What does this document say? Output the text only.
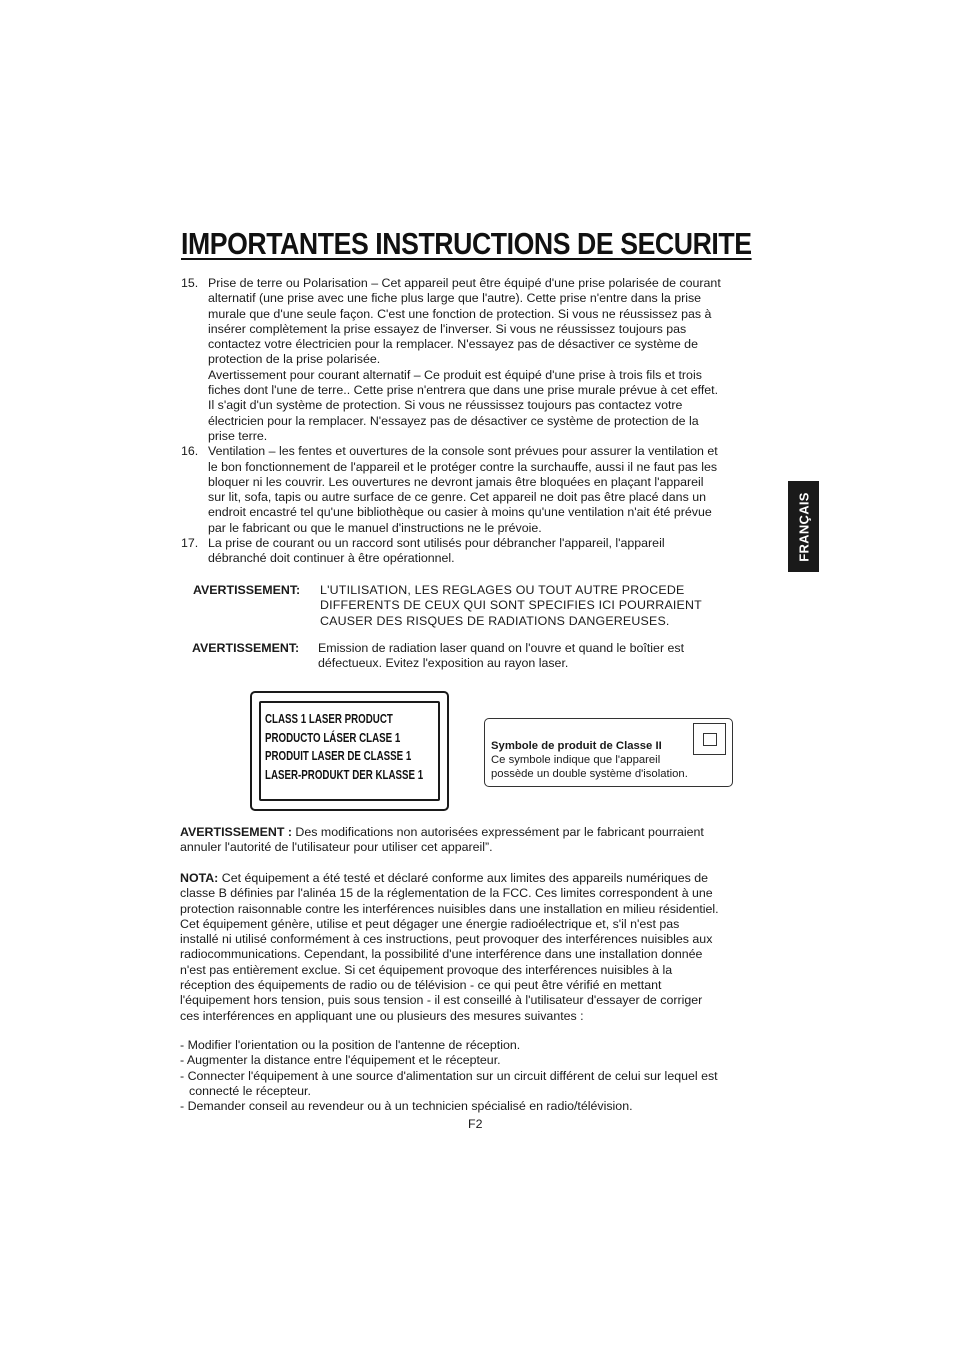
IMPORTANTES INSTRUCTIONS DE SECURITE
15. Prise de terre ou Polarisation – Cet appareil peut être équipé d'une prise polarisée de courant
alternatif (une prise avec une fiche plus large que l'autre). Cette prise n'entre dans la prise
murale que d'une seule façon. C'est une fonction de protection. Si vous ne réussissez pas à
insérer complètement la prise essayez de l'inverser. Si vous ne réussissez toujours pas
contactez votre électricien pour la remplacer. N'essayez pas de désactiver ce système de
protection de la prise polarisée.
Avertissement pour courant alternatif – Ce produit est équipé d'une prise à trois fils et trois
fiches dont l'une de terre.. Cette prise n'entrera que dans une prise murale prévue à cet effet.
Il s'agit d'un système de protection. Si vous ne réussissez toujours pas contactez votre
électricien pour la remplacer. N'essayez pas de désactiver ce système de protection de la
prise terre.
16. Ventilation – les fentes et ouvertures de la console sont prévues pour assurer la ventilation et
le bon fonctionnement de l'appareil et le protéger contre la surchauffe, aussi il ne faut pas les
bloquer ni les couvrir. Les ouvertures ne devront jamais être bloquées en plaçant l'appareil
sur lit, sofa, tapis ou autre surface de ce genre. Cet appareil ne doit pas être placé dans un
endroit encastré tel qu'une bibliothèque ou casier à moins qu'une ventilation n'ait été prévue
par le fabricant ou que le manuel d'instructions ne le prévoie.
17. La prise de courant ou un raccord sont utilisés pour débrancher l'appareil, l'appareil
débranché doit continuer à être opérationnel.
AVERTISSEMENT:	L'UTILISATION, LES REGLAGES OU TOUT AUTRE PROCEDE
DIFFERENTS DE CEUX QUI SONT SPECIFIES ICI POURRAIENT
CAUSER DES RISQUES DE RADIATIONS DANGEREUSES.
AVERTISSEMENT:	Emission de radiation laser quand on l'ouvre et quand le boîtier est
défectueux. Evitez l'exposition au rayon laser.
CLASS 1 LASER PRODUCT
PRODUCTO LÁSER CLASE 1
PRODUIT LASER DE CLASSE 1
LASER-PRODUKT DER KLASSE 1
Symbole de produit de Classe II
Ce symbole indique que l'appareil
possède un double système d'isolation.
AVERTISSEMENT : Des modifications non autorisées expressément par le fabricant pourraient
annuler l'autorité de l'utilisateur pour utiliser cet appareil”.
NOTA: Cet équipement a été testé et déclaré conforme aux limites des appareils numériques de
classe B définies par l'alinéa 15 de la réglementation de la FCC. Ces limites correspondent à une
protection raisonnable contre les interférences nuisibles dans une installation en milieu résidentiel.
Cet équipement génère, utilise et peut dégager une énergie radioélectrique et, s'il n'est pas
installé ni utilisé conformément à ces instructions, peut provoquer des interférences nuisibles aux
radiocommunications. Cependant, la possibilité d'une interférence dans une installation donnée
n'est pas entièrement exclue. Si cet équipement provoque des interférences nuisibles à la
réception des équipements de radio ou de télévision - ce qui peut être vérifié en mettant
l'équipement hors tension, puis sous tension - il est conseillé à l'utilisateur d'essayer de corriger
ces interférences en appliquant une ou plusieurs des mesures suivantes :
- Modifier l'orientation ou la position de l'antenne de réception.
- Augmenter la distance entre l'équipement et le récepteur.
- Connecter l'équipement à une source d'alimentation sur un circuit différent de celui sur lequel est
connecté le récepteur.
- Demander conseil au revendeur ou à un technicien spécialisé en radio/télévision.
F2
FRANÇAIS
